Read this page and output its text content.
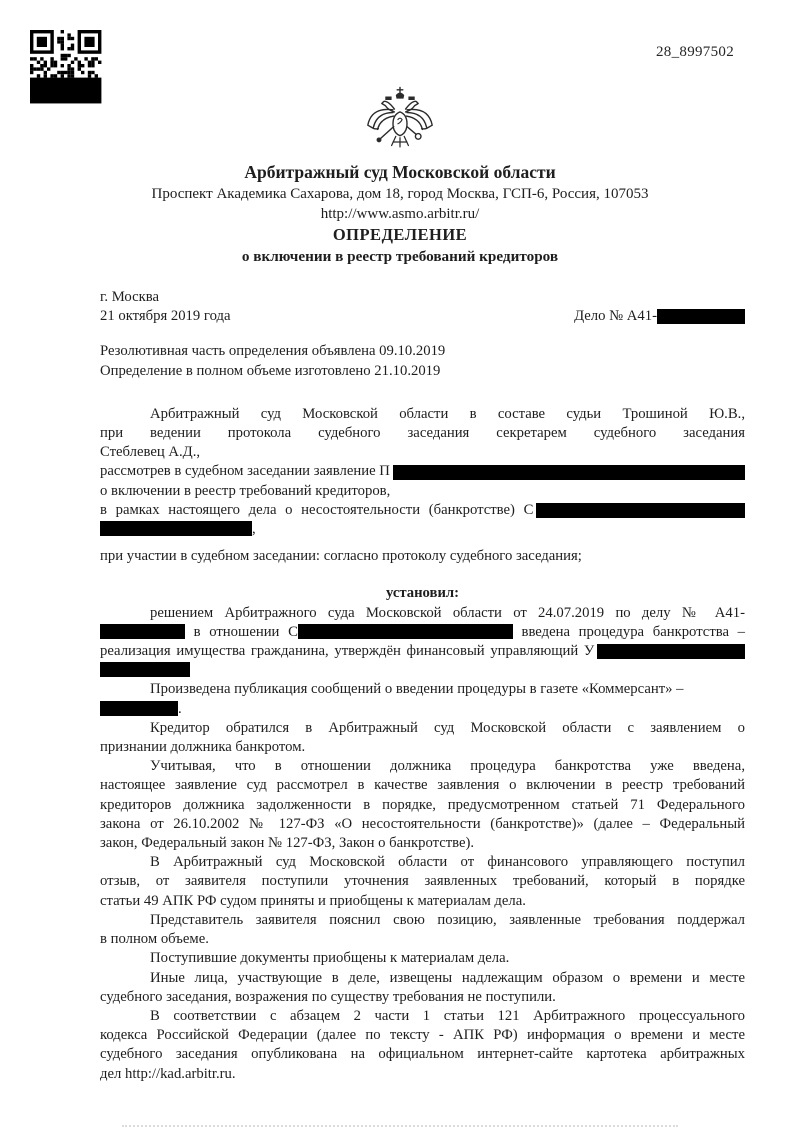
28_8997502
Арбитражный суд Московской области
Проспект Академика Сахарова, дом 18, город Москва, ГСП-6, Россия, 107053
http://www.asmo.arbitr.ru/
ОПРЕДЕЛЕНИЕ
о включении в реестр требований кредиторов
г. Москва
21 октября 2019 года	Дело № А41-
Резолютивная часть определения объявлена 09.10.2019
Определение в полном объеме изготовлено 21.10.2019
Арбитражный суд Московской области в составе судьи Трошиной Ю.В.,
при ведении протокола судебного заседания секретарем судебного заседания
Стеблевец А.Д.,
рассмотрев в судебном заседании заявление П
о включении в реестр требований кредиторов,
в рамках настоящего дела о несостоятельности (банкротстве) С
,
при участии в судебном заседании: согласно протоколу судебного заседания;
установил:
решением Арбитражного суда Московской области от 24.07.2019 по делу № А41-
в отношении С	введена процедура банкротства –
реализация имущества гражданина, утверждён финансовый управляющий У
Произведена публикация сообщений о введении процедуры в газете «Коммерсант» –
.
Кредитор обратился в Арбитражный суд Московской области с заявлением о
признании должника банкротом.
Учитывая, что в отношении должника процедура банкротства уже введена,
настоящее заявление суд рассмотрел в качестве заявления о включении в реестр требований
кредиторов должника задолженности в порядке, предусмотренном статьей 71 Федерального
закона от 26.10.2002 № 127-ФЗ «О несостоятельности (банкротстве)» (далее – Федеральный
закон, Федеральный закон № 127-ФЗ, Закон о банкротстве).
В Арбитражный суд Московской области от финансового управляющего поступил
отзыв, от заявителя поступили уточнения заявленных требований, который в порядке
статьи 49 АПК РФ судом приняты и приобщены к материалам дела.
Представитель заявителя пояснил свою позицию, заявленные требования поддержал
в полном объеме.
Поступившие документы приобщены к материалам дела.
Иные лица, участвующие в деле, извещены надлежащим образом о времени и месте
судебного заседания, возражения по существу требования не поступили.
В соответствии с абзацем 2 части 1 статьи 121 Арбитражного процессуального
кодекса Российской Федерации (далее по тексту - АПК РФ) информация о времени и месте
судебного заседания опубликована на официальном интернет-сайте картотека арбитражных
дел http://kad.arbitr.ru.
